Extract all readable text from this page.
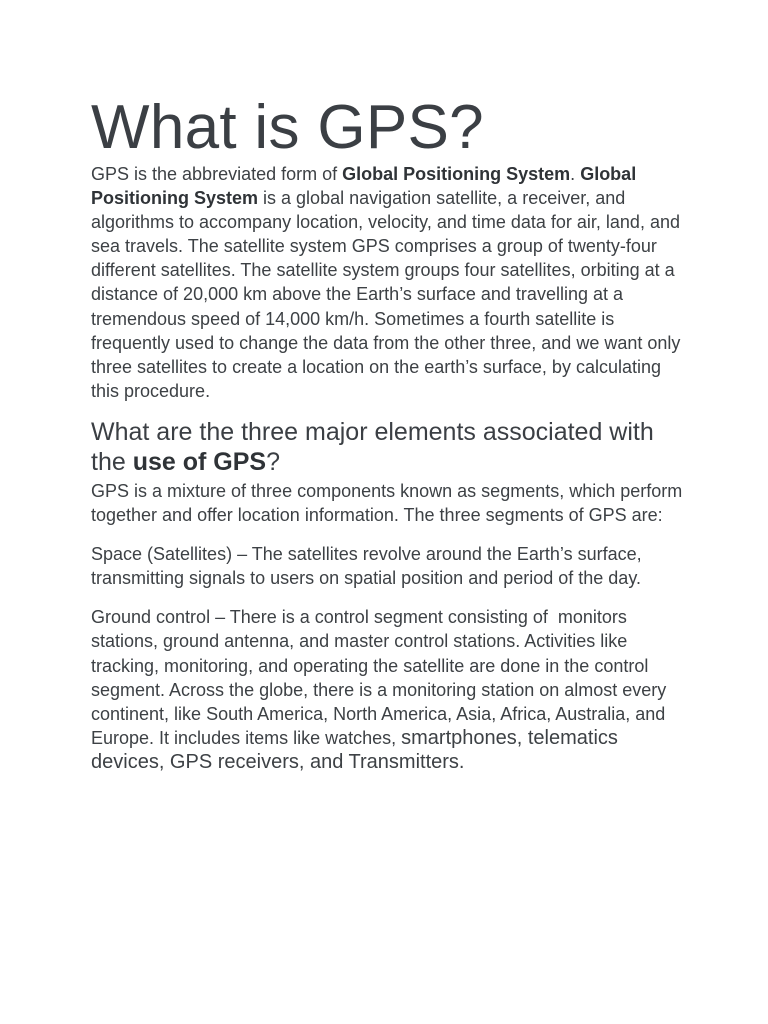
What is GPS?

GPS is the abbreviated form of Global Positioning System. Global Positioning System is a global navigation satellite, a receiver, and algorithms to accompany location, velocity, and time data for air, land, and sea travels. The satellite system GPS comprises a group of twenty-four different satellites. The satellite system groups four satellites, orbiting at a distance of 20,000 km above the Earth’s surface and travelling at a tremendous speed of 14,000 km/h. Sometimes a fourth satellite is frequently used to change the data from the other three, and we want only three satellites to create a location on the earth’s surface, by calculating this procedure.

What are the three major elements associated with the use of GPS?

GPS is a mixture of three components known as segments, which perform together and offer location information. The three segments of GPS are:

Space (Satellites) – The satellites revolve around the Earth’s surface, transmitting signals to users on spatial position and period of the day.

Ground control – There is a control segment consisting of  monitors stations, ground antenna, and master control stations. Activities like tracking, monitoring, and operating the satellite are done in the control segment. Across the globe, there is a monitoring station on almost every continent, like South America, North America, Asia, Africa, Australia, and Europe. It includes items like watches, smartphones, telematics devices, GPS receivers, and Transmitters.
